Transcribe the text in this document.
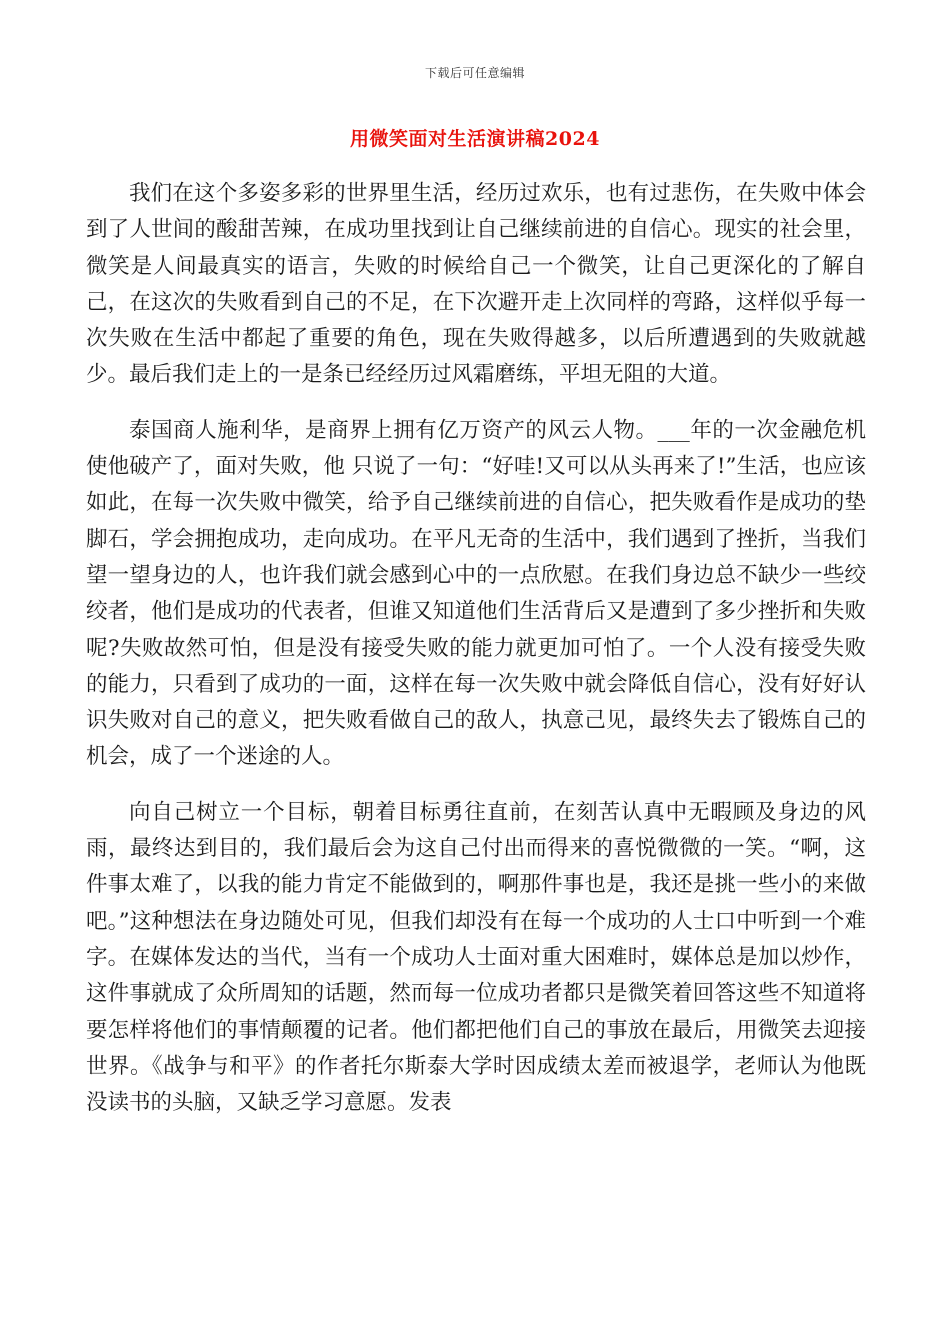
下载后可任意编辑
用微笑面对生活演讲稿2024

我们在这个多姿多彩的世界里生活，经历过欢乐，也有过悲伤，在失败中体会到了人世间的酸甜苦辣，在成功里找到让自己继续前进的自信心。现实的社会里，微笑是人间最真实的语言，失败的时候给自己一个微笑，让自己更深化的了解自己，在这次的失败看到自己的不足，在下次避开走上次同样的弯路，这样似乎每一次失败在生活中都起了重要的角色，现在失败得越多，以后所遭遇到的失败就越少。最后我们走上的一是条已经经历过风霜磨练，平坦无阻的大道。

泰国商人施利华，是商界上拥有亿万资产的风云人物。___年的一次金融危机使他破产了，面对失败，他 只说了一句：“好哇!又可以从头再来了!”生活，也应该如此，在每一次失败中微笑，给予自己继续前进的自信心，把失败看作是成功的垫脚石，学会拥抱成功，走向成功。在平凡无奇的生活中，我们遇到了挫折，当我们望一望身边的人，也许我们就会感到心中的一点欣慰。在我们身边总不缺少一些绞绞者，他们是成功的代表者，但谁又知道他们生活背后又是遭到了多少挫折和失败呢?失败故然可怕，但是没有接受失败的能力就更加可怕了。一个人没有接受失败的能力，只看到了成功的一面，这样在每一次失败中就会降低自信心，没有好好认识失败对自己的意义，把失败看做自己的敌人，执意己见，最终失去了锻炼自己的机会，成了一个迷途的人。

向自己树立一个目标，朝着目标勇往直前，在刻苦认真中无暇顾及身边的风雨，最终达到目的，我们最后会为这自己付出而得来的喜悦微微的一笑。“啊，这件事太难了，以我的能力肯定不能做到的，啊那件事也是，我还是挑一些小的来做吧。”这种想法在身边随处可见，但我们却没有在每一个成功的人士口中听到一个难字。在媒体发达的当代，当有一个成功人士面对重大困难时，媒体总是加以炒作，这件事就成了众所周知的话题，然而每一位成功者都只是微笑着回答这些不知道将要怎样将他们的事情颠覆的记者。他们都把他们自己的事放在最后，用微笑去迎接世界。《战争与和平》的作者托尔斯泰大学时因成绩太差而被退学，老师认为他既没读书的头脑，又缺乏学习意愿。发表
